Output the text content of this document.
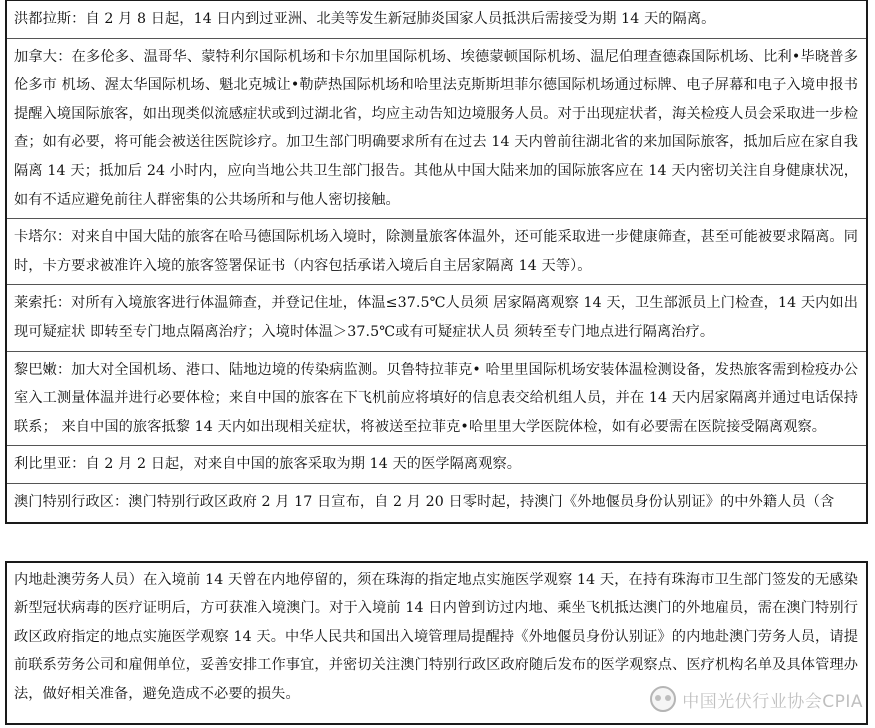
洪都拉斯：自 2 月 8 日起，14 日内到过亚洲、北美等发生新冠肺炎国家人员抵洪后需接受为期 14 天的隔离。
加拿大：在多伦多、温哥华、蒙特利尔国际机场和卡尔加里国际机场、埃德蒙顿国际机场、温尼伯理查德森国际机场、比利•毕晓普多伦多市 机场、渥太华国际机场、魁北克城让•勒萨热国际机场和哈里法克斯斯坦菲尔德国际机场通过标牌、电子屏幕和电子入境申报书提醒入境国际旅客，如出现类似流感症状或到过湖北省，均应主动告知边境服务人员。对于出现症状者，海关检疫人员会采取进一步检查；如有必要，将可能会被送往医院诊疗。加卫生部门明确要求所有在过去 14 天内曾前往湖北省的来加国际旅客，抵加后应在家自我隔离 14 天；抵加后 24 小时内，应向当地公共卫生部门报告。其他从中国大陆来加的国际旅客应在 14 天内密切关注自身健康状况，如有不适应避免前往人群密集的公共场所和与他人密切接触。
卡塔尔：对来自中国大陆的旅客在哈马德国际机场入境时，除测量旅客体温外，还可能采取进一步健康筛查，甚至可能被要求隔离。同时，卡方要求被准许入境的旅客签署保证书（内容包括承诺入境后自主居家隔离 14 天等）。
莱索托：对所有入境旅客进行体温筛查，并登记住址，体温≤37.5℃人员须 居家隔离观察 14 天，卫生部派员上门检查，14 天内如出现可疑症状 即转至专门地点隔离治疗；入境时体温＞37.5℃或有可疑症状人员 须转至专门地点进行隔离治疗。
黎巴嫩：加大对全国机场、港口、陆地边境的传染病监测。贝鲁特拉菲克• 哈里里国际机场安装体温检测设备，发热旅客需到检疫办公室入工测量体温并进行必要体检；来自中国的旅客在下飞机前应将填好的信息表交给机组人员，并在 14 天内居家隔离并通过电话保持联系； 来自中国的旅客抵黎 14 天内如出现相关症状，将被送至拉菲克•哈里里大学医院体检，如有必要需在医院接受隔离观察。
利比里亚：自 2 月 2 日起，对来自中国的旅客采取为期 14 天的医学隔离观察。
澳门特别行政区：澳门特别行政区政府 2 月 17 日宣布，自 2 月 20 日零时起，持澳门《外地偃员身份认别证》的中外籍人员（含
内地赴澳劳务人员）在入境前 14 天曾在内地停留的，须在珠海的指定地点实施医学观察 14 天，在持有珠海市卫生部门签发的无感染新型冠状病毒的医疗证明后，方可获准入境澳门。对于入境前 14 日内曾到访过内地、乘坐飞机抵达澳门的外地雇员，需在澳门特别行政区政府指定的地点实施医学观察 14 天。中华人民共和国出入境管理局提醒持《外地偃员身份认别证》的内地赴澳门劳务人员，请提前联系劳务公司和雇佣单位，妥善安排工作事宜，并密切关注澳门特别行政区政府随后发布的医学观察点、医疗机构名单及具体管理办法，做好相关准备，避免造成不必要的损失。	中国光伏行业协会CPIA
